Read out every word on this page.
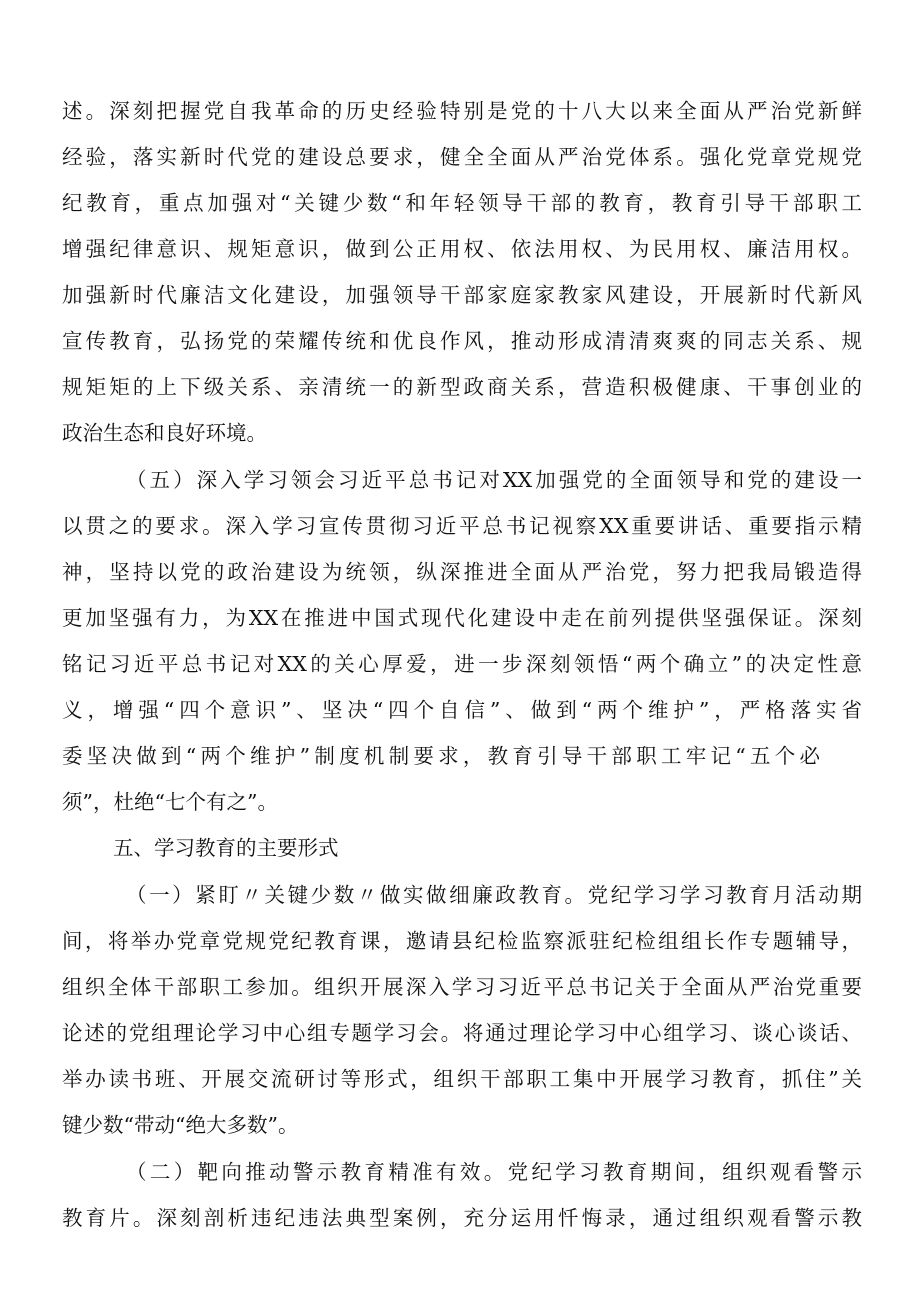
述。深刻把握党自我革命的历史经验特别是党的十八大以来全面从严治党新鲜
经验，落实新时代党的建设总要求，健全全面从严治党体系。强化党章党规党
纪教育，重点加强对“关键少数“和年轻领导干部的教育，教育引导干部职工
增强纪律意识、规矩意识，做到公正用权、依法用权、为民用权、廉洁用权。
加强新时代廉洁文化建设，加强领导干部家庭家教家风建设，开展新时代新风
宣传教育，弘扬党的荣耀传统和优良作风，推动形成清清爽爽的同志关系、规
规矩矩的上下级关系、亲清统一的新型政商关系，营造积极健康、干事创业的
政治生态和良好环境。
（五）深入学习领会习近平总书记对XX加强党的全面领导和党的建设一
以贯之的要求。深入学习宣传贯彻习近平总书记视察XX重要讲话、重要指示精
神，坚持以党的政治建设为统领，纵深推进全面从严治党，努力把我局锻造得
更加坚强有力，为XX在推进中国式现代化建设中走在前列提供坚强保证。深刻
铭记习近平总书记对XX的关心厚爱，进一步深刻领悟“两个确立”的决定性意
义，增强“四个意识”、坚决“四个自信”、做到“两个维护”，严格落实省
委坚决做到“两个维护”制度机制要求，教育引导干部职工牢记“五个必
须”，杜绝“七个有之”。
五、学习教育的主要形式
（一）紧盯〃关键少数〃做实做细廉政教育。党纪学习学习教育月活动期
间，将举办党章党规党纪教育课，邀请县纪检监察派驻纪检组组长作专题辅导，
组织全体干部职工参加。组织开展深入学习习近平总书记关于全面从严治党重要
论述的党组理论学习中心组专题学习会。将通过理论学习中心组学习、谈心谈话、
举办读书班、开展交流研讨等形式，组织干部职工集中开展学习教育，抓住”关
键少数“带动“绝大多数”。
（二）靶向推动警示教育精准有效。党纪学习教育期间，组织观看警示
教育片。深刻剖析违纪违法典型案例，充分运用忏悔录，通过组织观看警示教
